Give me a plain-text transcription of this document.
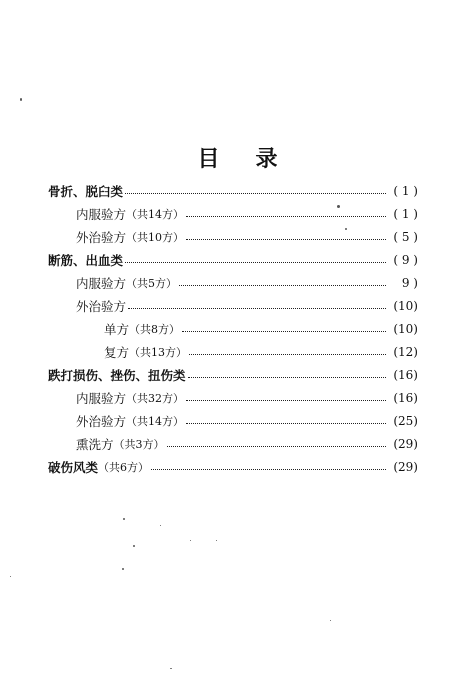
目 录
骨折、脱臼类	( 1 )
内服验方 （共14方）	( 1 )
外治验方 （共10方）	( 5 )
断筋、出血类	( 9 )
内服验方 （共5方）	9 )
外治验方	(10)
单方 （共8方）	(10)
复方 （共13方）	(12)
跌打损伤、挫伤、扭伤类	(16)
内服验方 （共32方）	(16)
外治验方 （共14方）	(25)
熏洗方 （共3方）	(29)
破伤风类 （共6方）	(29)
